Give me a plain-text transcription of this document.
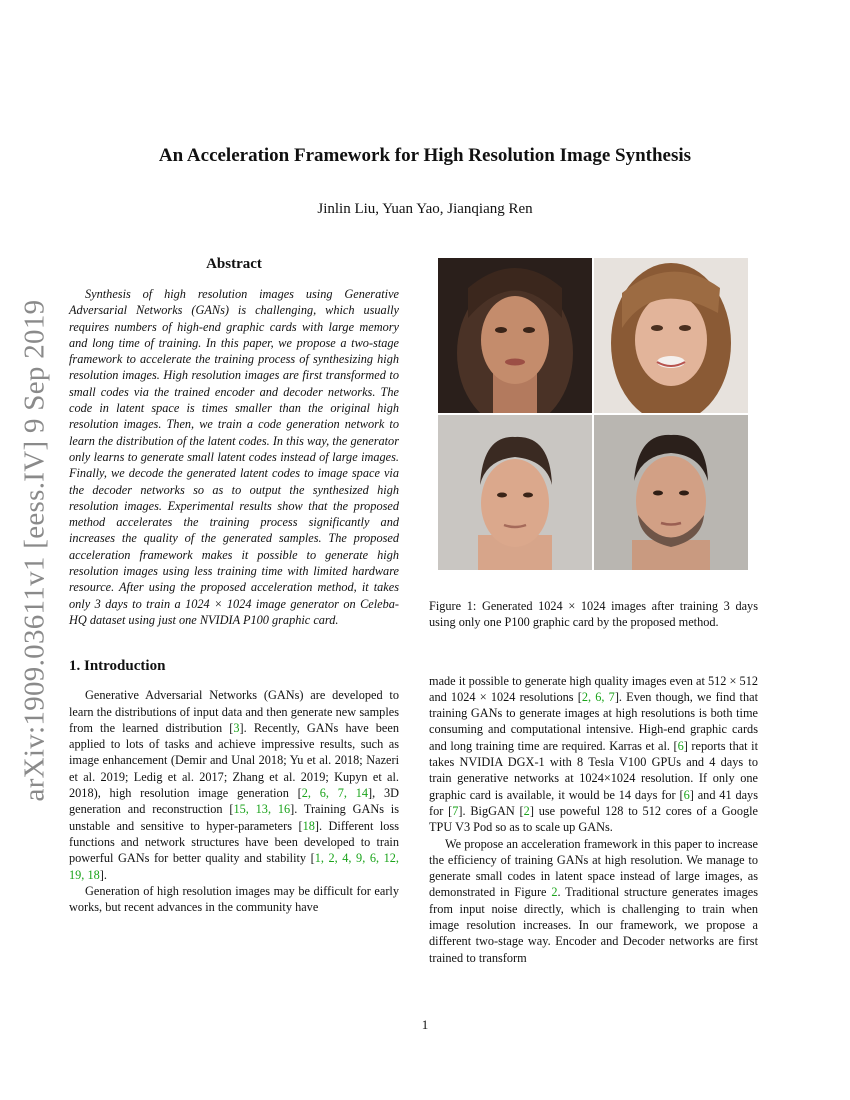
arXiv:1909.03611v1 [eess.IV] 9 Sep 2019
An Acceleration Framework for High Resolution Image Synthesis

Jinlin Liu, Yuan Yao, Jianqiang Ren

Abstract

Synthesis of high resolution images using Generative Adversarial Networks (GANs) is challenging, which usually requires numbers of high-end graphic cards with large memory and long time of training. In this paper, we propose a two-stage framework to accelerate the training process of synthesizing high resolution images. High resolution images are first transformed to small codes via the trained encoder and decoder networks. The code in latent space is times smaller than the original high resolution images. Then, we train a code generation network to learn the distribution of the latent codes. In this way, the generator only learns to generate small latent codes instead of large images. Finally, we decode the generated latent codes to image space via the decoder networks so as to output the synthesized high resolution images. Experimental results show that the proposed method accelerates the training process significantly and increases the quality of the generated samples. The proposed acceleration framework makes it possible to generate high resolution images using less training time with limited hardware resource. After using the proposed acceleration method, it takes only 3 days to train a 1024 × 1024 image generator on Celeba-HQ dataset using just one NVIDIA P100 graphic card.

1. Introduction

Generative Adversarial Networks (GANs) are developed to learn the distributions of input data and then generate new samples from the learned distribution [3]. Recently, GANs have been applied to lots of tasks and achieve impressive results, such as image enhancement (Demir and Unal 2018; Yu et al. 2018; Nazeri et al. 2019; Ledig et al. 2017; Zhang et al. 2019; Kupyn et al. 2018), high resolution image generation [2, 6, 7, 14], 3D generation and reconstruction [15, 13, 16]. Training GANs is unstable and sensitive to hyper-parameters [18]. Different loss functions and network structures have been developed to train powerful GANs for better quality and stability [1, 2, 4, 9, 6, 12, 19, 18].

Generation of high resolution images may be difficult for early works, but recent advances in the community have

Figure 1: Generated 1024 × 1024 images after training 3 days using only one P100 graphic card by the proposed method.

made it possible to generate high quality images even at 512 × 512 and 1024 × 1024 resolutions [2, 6, 7]. Even though, we find that training GANs to generate images at high resolutions is both time consuming and computational intensive. High-end graphic cards and long training time are required. Karras et al. [6] reports that it takes NVIDIA DGX-1 with 8 Tesla V100 GPUs and 4 days to train generative networks at 1024×1024 resolution. If only one graphic card is available, it would be 14 days for [6] and 41 days for [7]. BigGAN [2] use poweful 128 to 512 cores of a Google TPU V3 Pod so as to scale up GANs.

We propose an acceleration framework in this paper to increase the efficiency of training GANs at high resolution. We manage to generate small codes in latent space instead of large images, as demonstrated in Figure 2. Traditional structure generates images from input noise directly, which is challenging to train when image resolution increases. In our framework, we propose a different two-stage way. Encoder and Decoder networks are first trained to transform

1
